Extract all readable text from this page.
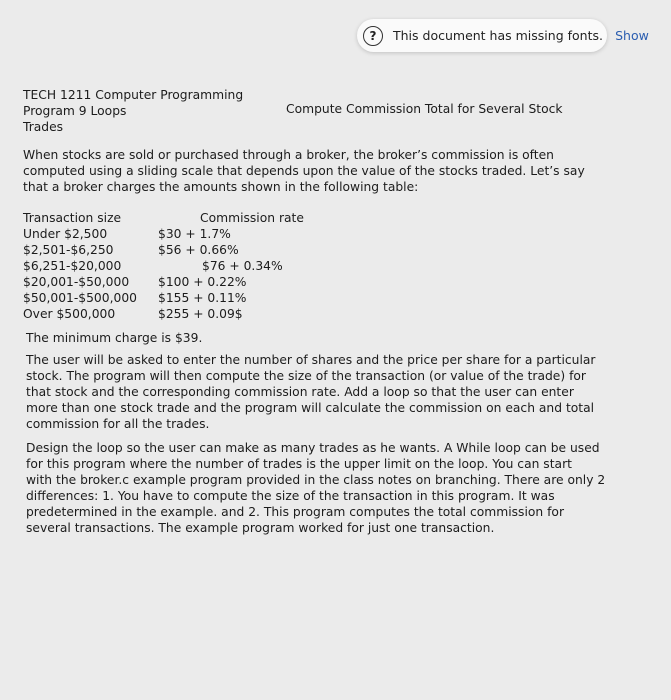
?	This document has missing fonts. Show
TECH 1211 Computer Programming
Program 9 Loops
Trades
Compute Commission Total for Several Stock
When stocks are sold or purchased through a broker, the broker’s commission is often
computed using a sliding scale that depends upon the value of the stocks traded. Let’s say
that a broker charges the amounts shown in the following table:
Transaction size	Commission rate
Under $2,500	$30 + 1.7%
$2,501-$6,250	$56 + 0.66%
$6,251-$20,000	$76 + 0.34%
$20,001-$50,000 $100 + 0.22%
$50,001-$500,000 $155 + 0.11%
Over $500,000	$255 + 0.09$
The minimum charge is $39.
The user will be asked to enter the number of shares and the price per share for a particular
stock. The program will then compute the size of the transaction (or value of the trade) for
that stock and the corresponding commission rate. Add a loop so that the user can enter
more than one stock trade and the program will calculate the commission on each and total
commission for all the trades.
Design the loop so the user can make as many trades as he wants. A While loop can be used
for this program where the number of trades is the upper limit on the loop. You can start
with the broker.c example program provided in the class notes on branching. There are only 2
differences: 1. You have to compute the size of the transaction in this program. It was
predetermined in the example. and 2. This program computes the total commission for
several transactions. The example program worked for just one transaction.
